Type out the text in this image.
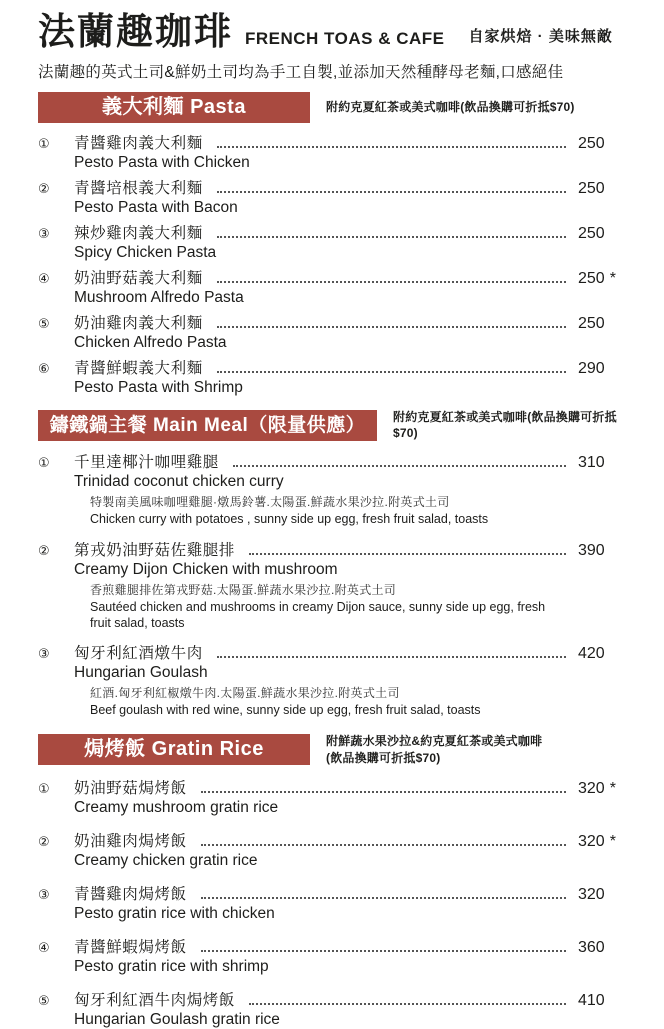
法蘭趣珈琲 FRENCH TOAS & CAFE 自家烘焙 · 美味無敵
法蘭趣的英式土司&鮮奶土司均為手工自製,並添加天然種酵母老麵,口感絕佳
義大利麵 Pasta	附約克夏紅茶或美式咖啡(飲品換購可折抵$70)
①	青醬雞肉義大利麵	250
Pesto Pasta with Chicken
②	青醬培根義大利麵	250
Pesto Pasta with Bacon
③	辣炒雞肉義大利麵	250
Spicy Chicken Pasta
④	奶油野菇義大利麵	250 *
Mushroom Alfredo Pasta
⑤	奶油雞肉義大利麵	250
Chicken Alfredo Pasta
⑥	青醬鮮蝦義大利麵	290
Pesto Pasta with Shrimp
鑄鐵鍋主餐 Main Meal（限量供應）	附約克夏紅茶或美式咖啡(飲品換購可折抵$70)
①	千里達椰汁咖哩雞腿	310
Trinidad coconut chicken curry
特製南美風味咖哩雞腿·燉馬鈴薯.太陽蛋.鮮蔬水果沙拉.附英式土司
Chicken curry with potatoes , sunny side up egg, fresh fruit salad, toasts
②	第戎奶油野菇佐雞腿排	390
Creamy Dijon Chicken with mushroom
香煎雞腿排佐第戎野菇.太陽蛋.鮮蔬水果沙拉.附英式土司
Sautéed chicken and mushrooms in creamy Dijon sauce, sunny side up egg, fresh fruit salad, toasts
③	匈牙利紅酒燉牛肉	420
Hungarian Goulash
紅酒.匈牙利紅椒燉牛肉.太陽蛋.鮮蔬水果沙拉.附英式土司
Beef goulash with red wine, sunny side up egg, fresh fruit salad, toasts
焗烤飯 Gratin Rice	附鮮蔬水果沙拉&約克夏紅茶或美式咖啡
(飲品換購可折抵$70)
①	奶油野菇焗烤飯	320 *
Creamy mushroom gratin rice
②	奶油雞肉焗烤飯	320 *
Creamy chicken gratin rice
③	青醬雞肉焗烤飯	320
Pesto gratin rice with chicken
④	青醬鮮蝦焗烤飯	360
Pesto gratin rice with shrimp
⑤	匈牙利紅酒牛肉焗烤飯	410
Hungarian Goulash gratin rice
